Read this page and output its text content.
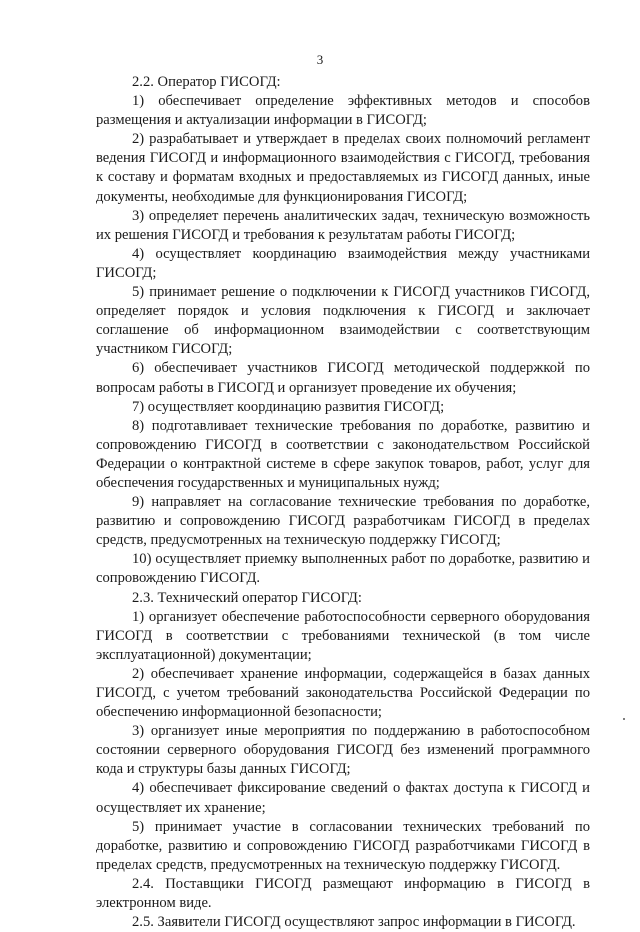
3

2.2. Оператор ГИСОГД:

1) обеспечивает определение эффективных методов и способов размещения и актуализации информации в ГИСОГД;

2) разрабатывает и утверждает в пределах своих полномочий регламент ведения ГИСОГД и информационного взаимодействия с ГИСОГД, требования к составу и форматам входных и предоставляемых из ГИСОГД данных, иные документы, необходимые для функционирования ГИСОГД;

3) определяет перечень аналитических задач, техническую возможность их решения ГИСОГД и требования к результатам работы ГИСОГД;

4) осуществляет координацию взаимодействия между участниками ГИСОГД;

5) принимает решение о подключении к ГИСОГД участников ГИСОГД, определяет порядок и условия подключения к ГИСОГД и заключает соглашение об информационном взаимодействии с соответствующим участником ГИСОГД;

6) обеспечивает участников ГИСОГД методической поддержкой по вопросам работы в ГИСОГД и организует проведение их обучения;

7) осуществляет координацию развития ГИСОГД;

8) подготавливает технические требования по доработке, развитию и сопровождению ГИСОГД в соответствии с законодательством Российской Федерации о контрактной системе в сфере закупок товаров, работ, услуг для обеспечения государственных и муниципальных нужд;

9) направляет на согласование технические требования по доработке, развитию и сопровождению ГИСОГД разработчикам ГИСОГД в пределах средств, предусмотренных на техническую поддержку ГИСОГД;

10) осуществляет приемку выполненных работ по доработке, развитию и сопровождению ГИСОГД.

2.3. Технический оператор ГИСОГД:

1) организует обеспечение работоспособности серверного оборудования ГИСОГД в соответствии с требованиями технической (в том числе эксплуатационной) документации;

2) обеспечивает хранение информации, содержащейся в базах данных ГИСОГД, с учетом требований законодательства Российской Федерации по обеспечению информационной безопасности;

3) организует иные мероприятия по поддержанию в работоспособном состоянии серверного оборудования ГИСОГД без изменений программного кода и структуры базы данных ГИСОГД;

4) обеспечивает фиксирование сведений о фактах доступа к ГИСОГД и осуществляет их хранение;

5) принимает участие в согласовании технических требований по доработке, развитию и сопровождению ГИСОГД разработчиками ГИСОГД в пределах средств, предусмотренных на техническую поддержку ГИСОГД.

2.4. Поставщики ГИСОГД размещают информацию в ГИСОГД в электронном виде.

2.5. Заявители ГИСОГД осуществляют запрос информации в ГИСОГД.
